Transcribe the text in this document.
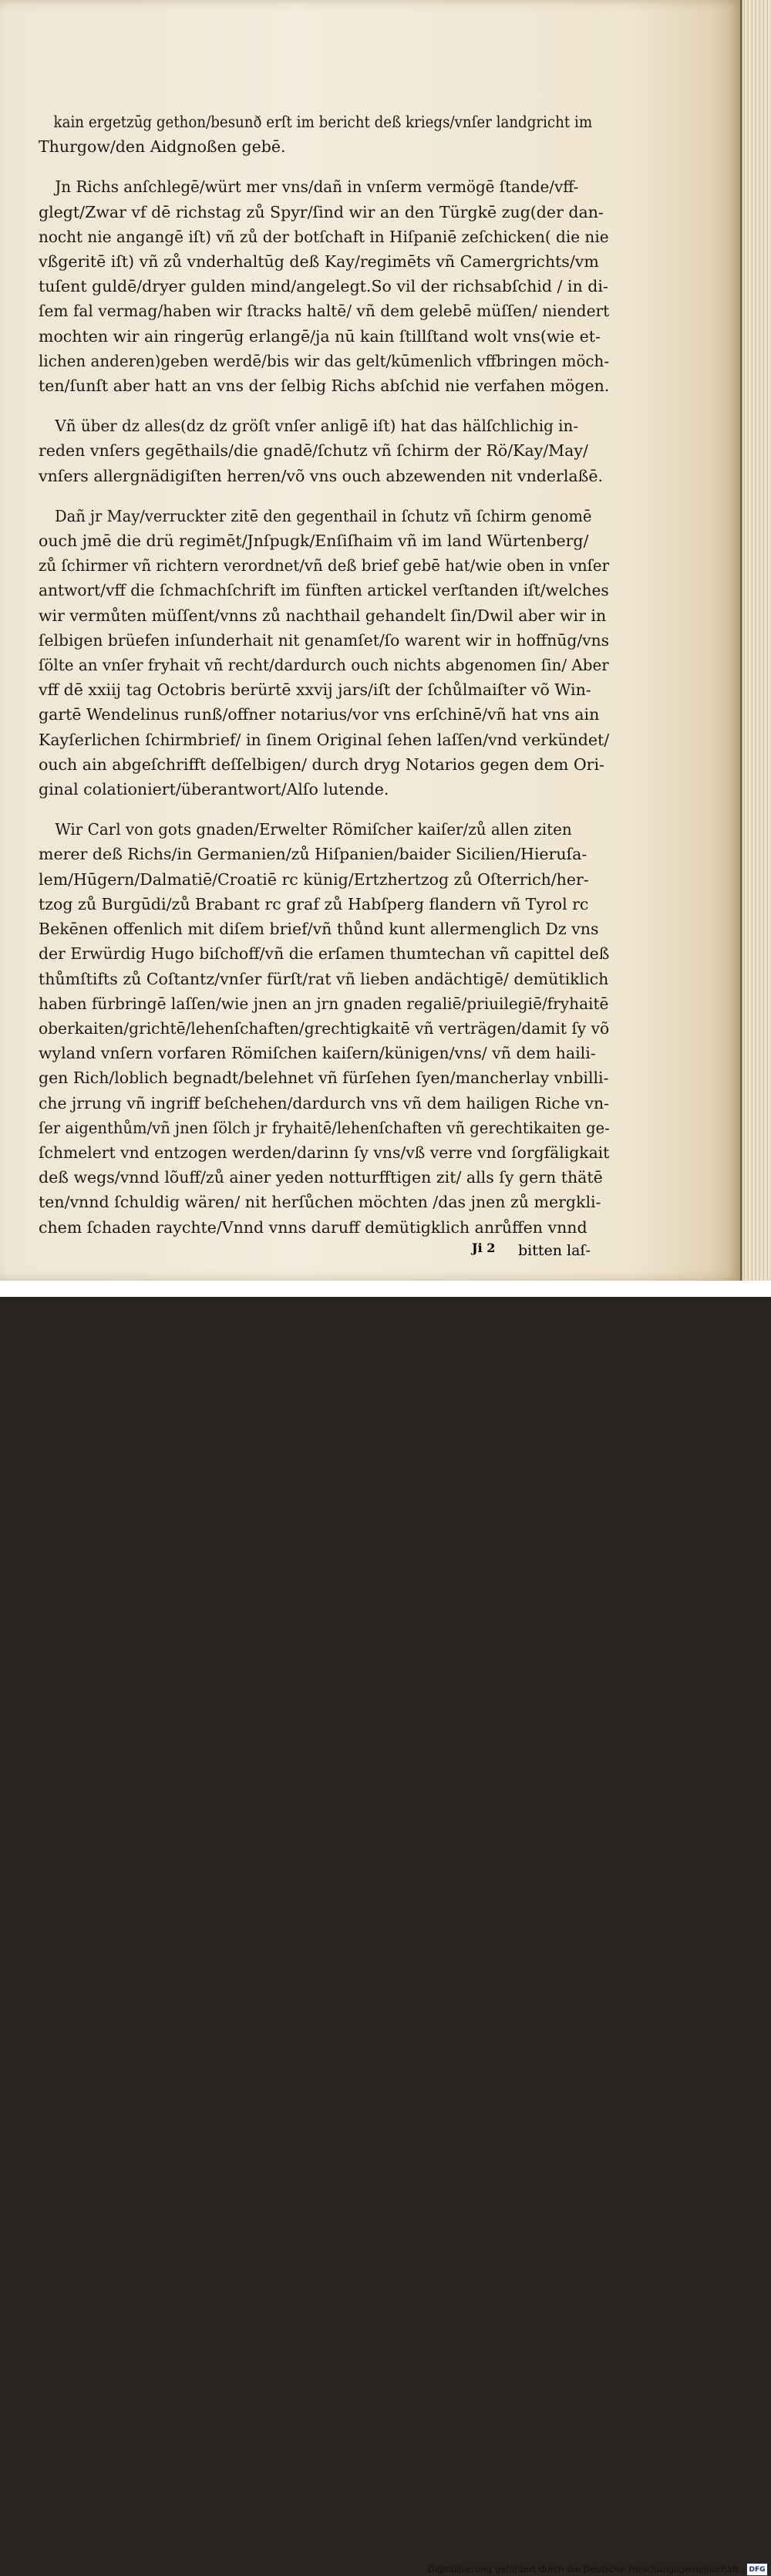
kain ergetzūg gethon/besunð erſt im bericht deß kriegs/vnſer landgricht im
Thurgow/den Aidgnoßen gebē.
Jn Richs anſchlegē/würt mer vns/dañ in vnſerm vermögē ſtande/vff-
glegt/Zwar vf dē richstag zů Spyr/ſind wir an den Türgkē zug(der dan-
nocht nie angangē iſt) vñ zů der botſchaft in Hiſpaniē zeſchicken( die nie
vßgeritē iſt) vñ zů vnderhaltūg deß Kay/regimēts vñ Camergrichts/vm
tuſent guldē/dryer gulden mind/angelegt.So vil der richsabſchid / in di-
ſem fal vermag/haben wir ſtracks haltē/ vñ dem gelebē müſſen/ niendert
mochten wir ain ringerūg erlangē/ja nū kain ſtillſtand wolt vns(wie et-
lichen anderen)geben werdē/bis wir das gelt/kūmenlich vffbringen möch-
ten/ſunſt aber hatt an vns der ſelbig Richs abſchid nie verfahen mögen.
Vñ über dz alles(dz dz gröſt vnſer anligē iſt) hat das hälſchlichig in-
reden vnſers gegēthails/die gnadē/ſchutz vñ ſchirm der Rö/Kay/May/
vnſers allergnädigiſten herren/võ vns ouch abzewenden nit vnderlaßē.
Dañ jr May/verruckter zitē den gegenthail in ſchutz vñ ſchirm genomē
ouch jmē die drü regimēt/Jnſpugk/Enſiſhaim vñ im land Würtenberg/
zů ſchirmer vñ richtern verordnet/vñ deß brief gebē hat/wie oben in vnſer
antwort/vff die ſchmachſchrift im fünften artickel verſtanden iſt/welches
wir vermůten müſſent/vnns zů nachthail gehandelt ſin/Dwil aber wir in
ſelbigen brüefen inſunderhait nit genamſet/ſo warent wir in hoffnūg/vns
ſölte an vnſer fryhait vñ recht/dardurch ouch nichts abgenomen ſin/ Aber
vff dē xxiij tag Octobris berürtē xxvij jars/iſt der ſchůlmaiſter võ Win-
gartē Wendelinus runß/offner notarius/vor vns erſchinē/vñ hat vns ain
Kayſerlichen ſchirmbrief/ in ſinem Original ſehen laſſen/vnd verkündet/
ouch ain abgeſchrifft deſſelbigen/ durch dryg Notarios gegen dem Ori-
ginal colationiert/überantwort/Alſo lutende.
Wir Carl von gots gnaden/Erwelter Römiſcher kaiſer/zů allen ziten
merer deß Richs/in Germanien/zů Hiſpanien/baider Sicilien/Hieruſa-
lem/Hūgern/Dalmatiē/Croatiē rc künig/Ertzhertzog zů Oſterrich/her-
tzog zů Burgūdi/zů Brabant rc graf zů Habſperg flandern vñ Tyrol rc
Bekēnen offenlich mit diſem brief/vñ thůnd kunt allermenglich Dz vns
der Erwürdig Hugo biſchoff/vñ die erſamen thumtechan vñ capittel deß
thůmſtifts zů Coſtantz/vnſer fürſt/rat vñ lieben andächtigē/ demütiklich
haben fürbringē laſſen/wie jnen an jrn gnaden regaliē/priuilegiē/fryhaitē
oberkaiten/grichtē/lehenſchaften/grechtigkaitē vñ verträgen/damit ſy võ
wyland vnſern vorfaren Römiſchen kaiſern/künigen/vns/ vñ dem haili-
gen Rich/loblich begnadt/belehnet vñ fürſehen ſyen/mancherlay vnbilli-
che jrrung vñ ingriff beſchehen/dardurch vns vñ dem hailigen Riche vn-
ſer aigenthům/vñ jnen ſölch jr fryhaitē/lehenſchaften vñ gerechtikaiten ge-
ſchmelert vnd entzogen werden/darinn ſy vns/vß verre vnd ſorgfäligkait
deß wegs/vnnd lõuff/zů ainer yeden notturfftigen zit/ alls ſy gern thätē
ten/vnnd ſchuldig wären/ nit herſůchen möchten /das jnen zů mergkli-
chem ſchaden raychte/Vnnd vnns daruff demütigklich anrůffen vnnd
Ji 2 bitten laſ-
Digitalisierung gefördert durch die Deutsche Forschungsgemeinschaft - DFG
